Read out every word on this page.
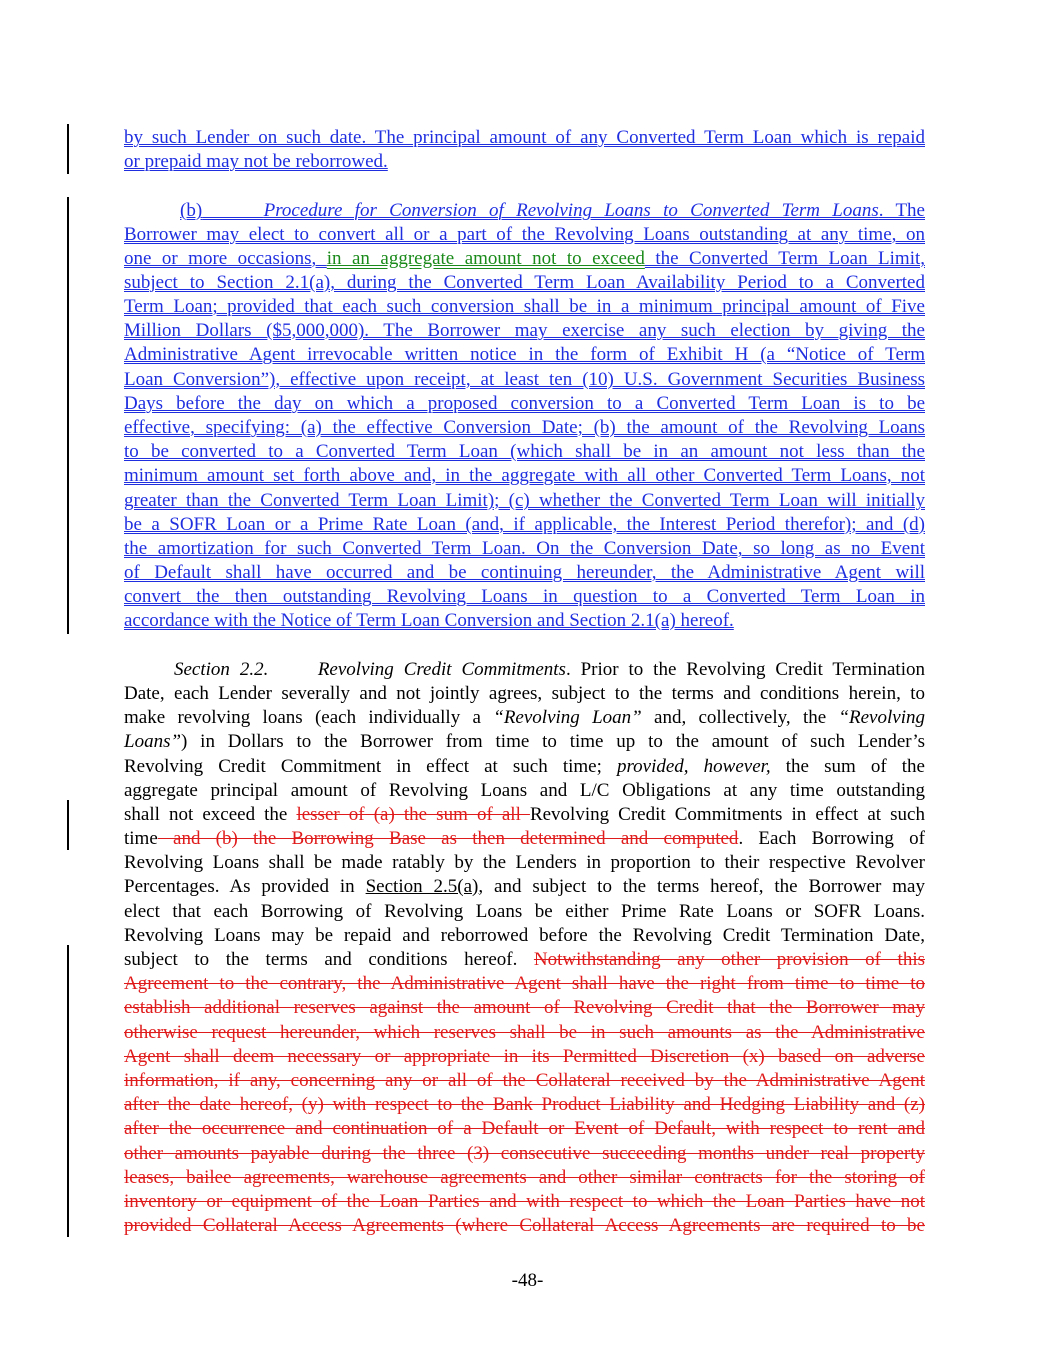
by such Lender on such date. The principal amount of any Converted Term Loan which is repaid
or prepaid may not be reborrowed.
(b)	Procedure for Conversion of Revolving Loans to Converted Term Loans. The
Borrower may elect to convert all or a part of the Revolving Loans outstanding at any time, on
one or more occasions, in an aggregate amount not to exceed the Converted Term Loan Limit,
subject to Section 2.1(a), during the Converted Term Loan Availability Period to a Converted
Term Loan; provided that each such conversion shall be in a minimum principal amount of Five
Million Dollars ($5,000,000). The Borrower may exercise any such election by giving the
Administrative Agent irrevocable written notice in the form of Exhibit H (a “Notice of Term
Loan Conversion”), effective upon receipt, at least ten (10) U.S. Government Securities Business
Days before the day on which a proposed conversion to a Converted Term Loan is to be
effective, specifying: (a) the effective Conversion Date; (b) the amount of the Revolving Loans
to be converted to a Converted Term Loan (which shall be in an amount not less than the
minimum amount set forth above and, in the aggregate with all other Converted Term Loans, not
greater than the Converted Term Loan Limit); (c) whether the Converted Term Loan will initially
be a SOFR Loan or a Prime Rate Loan (and, if applicable, the Interest Period therefor); and (d)
the amortization for such Converted Term Loan. On the Conversion Date, so long as no Event
of Default shall have occurred and be continuing hereunder, the Administrative Agent will
convert the then outstanding Revolving Loans in question to a Converted Term Loan in
accordance with the Notice of Term Loan Conversion and Section 2.1(a) hereof.
Section 2.2.	Revolving Credit Commitments. Prior to the Revolving Credit Termination
Date, each Lender severally and not jointly agrees, subject to the terms and conditions herein, to
make revolving loans (each individually a “Revolving Loan” and, collectively, the “Revolving
Loans”) in Dollars to the Borrower from time to time up to the amount of such Lender’s
Revolving Credit Commitment in effect at such time; provided, however, the sum of the
aggregate principal amount of Revolving Loans and L/C Obligations at any time outstanding
shall not exceed the lesser of (a) the sum of all Revolving Credit Commitments in effect at such
time and (b) the Borrowing Base as then determined and computed. Each Borrowing of
Revolving Loans shall be made ratably by the Lenders in proportion to their respective Revolver
Percentages. As provided in Section 2.5(a), and subject to the terms hereof, the Borrower may
elect that each Borrowing of Revolving Loans be either Prime Rate Loans or SOFR Loans.
Revolving Loans may be repaid and reborrowed before the Revolving Credit Termination Date,
subject to the terms and conditions hereof. Notwithstanding any other provision of this
Agreement to the contrary, the Administrative Agent shall have the right from time to time to
establish additional reserves against the amount of Revolving Credit that the Borrower may
otherwise request hereunder, which reserves shall be in such amounts as the Administrative
Agent shall deem necessary or appropriate in its Permitted Discretion (x) based on adverse
information, if any, concerning any or all of the Collateral received by the Administrative Agent
after the date hereof, (y) with respect to the Bank Product Liability and Hedging Liability and (z)
after the occurrence and continuation of a Default or Event of Default, with respect to rent and
other amounts payable during the three (3) consecutive succeeding months under real property
leases, bailee agreements, warehouse agreements and other similar contracts for the storing of
inventory or equipment of the Loan Parties and with respect to which the Loan Parties have not
provided Collateral Access Agreements (where Collateral Access Agreements are required to be
-48-
